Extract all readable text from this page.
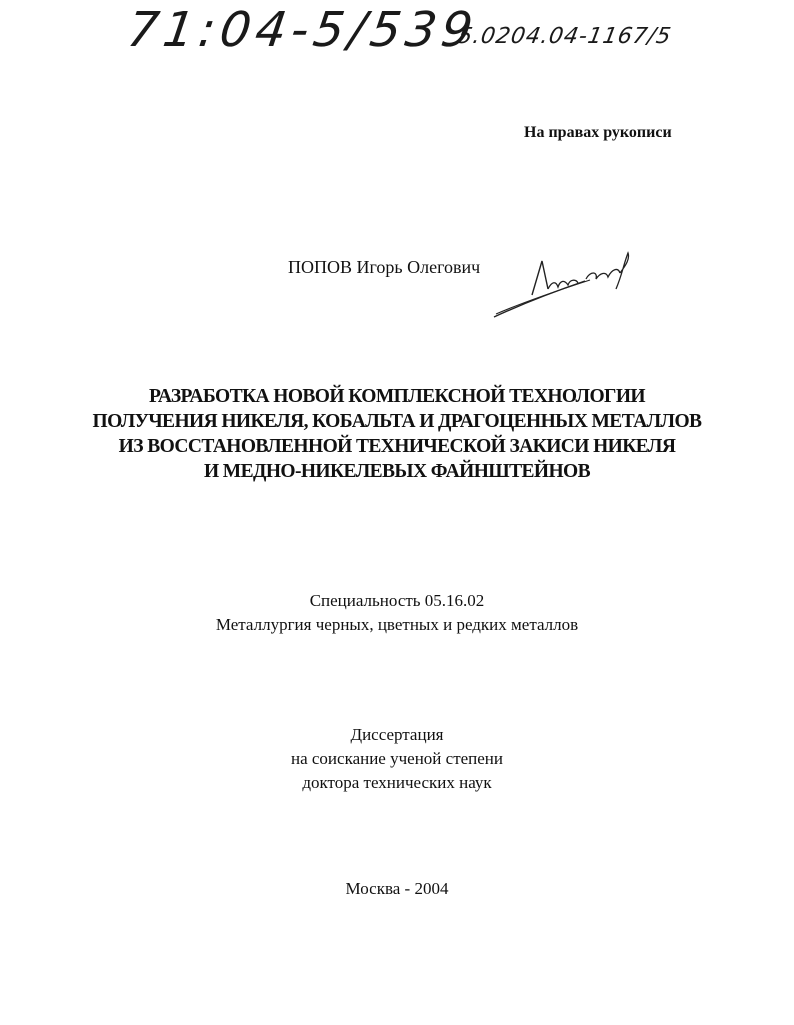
71:04-5/539
5.0204.04-1167/5
На правах рукописи
ПОПОВ Игорь Олегович
РАЗРАБОТКА НОВОЙ КОМПЛЕКСНОЙ ТЕХНОЛОГИИ
ПОЛУЧЕНИЯ НИКЕЛЯ, КОБАЛЬТА И ДРАГОЦЕННЫХ МЕТАЛЛОВ
ИЗ ВОССТАНОВЛЕННОЙ ТЕХНИЧЕСКОЙ ЗАКИСИ НИКЕЛЯ
И МЕДНО-НИКЕЛЕВЫХ ФАЙНШТЕЙНОВ
Специальность 05.16.02
Металлургия черных, цветных и редких металлов
Диссертация
на соискание ученой степени
доктора технических наук
Москва - 2004
